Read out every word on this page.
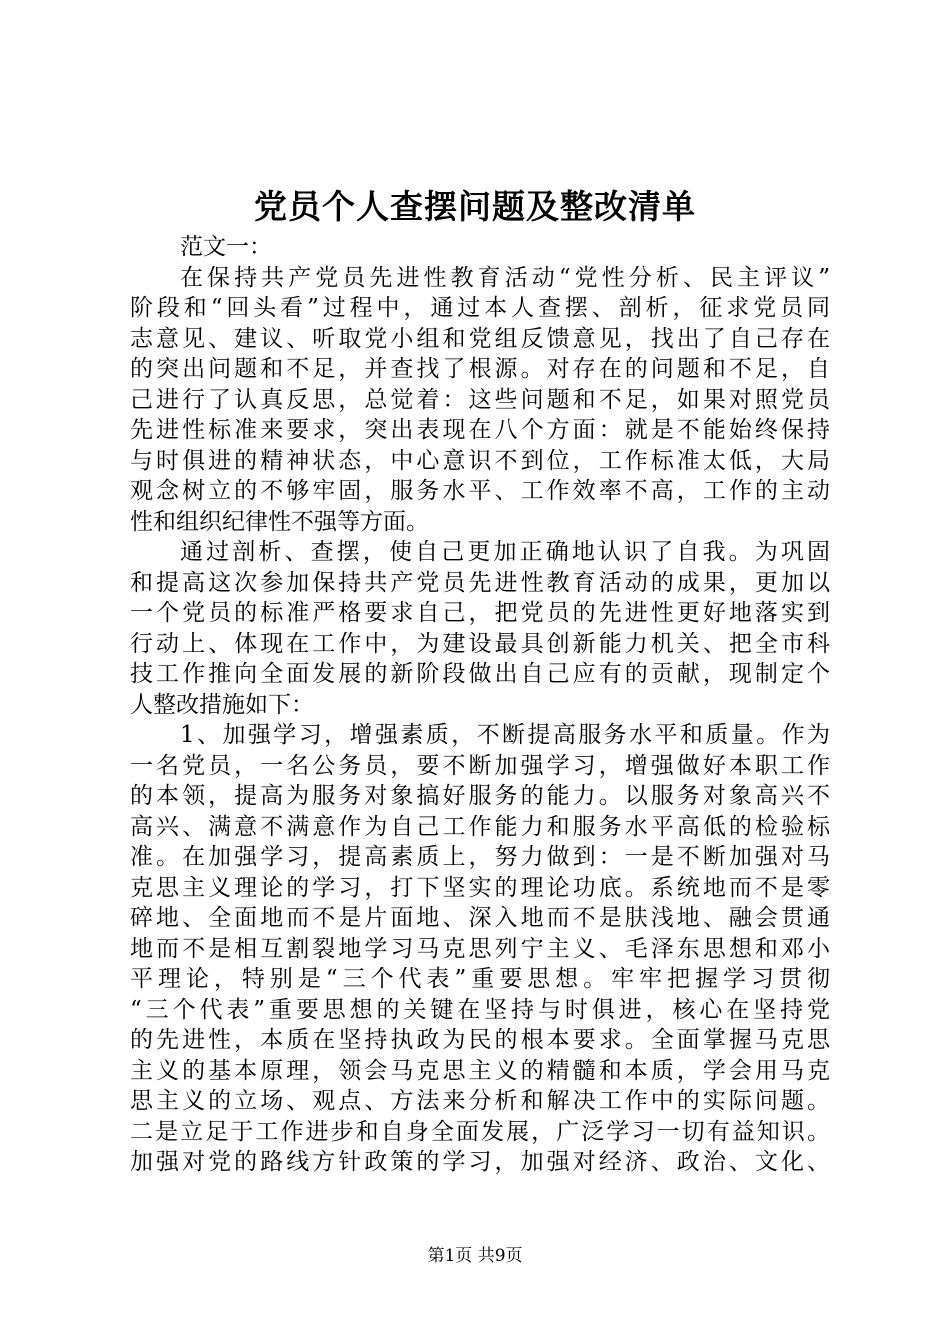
党员个人查摆问题及整改清单
范文一：
在保持共产党员先进性教育活动“党性分析、民主评议”
阶段和“回头看”过程中，通过本人查摆、剖析，征求党员同
志意见、建议、听取党小组和党组反馈意见，找出了自己存在
的突出问题和不足，并查找了根源。对存在的问题和不足，自
己进行了认真反思，总觉着：这些问题和不足，如果对照党员
先进性标准来要求，突出表现在八个方面：就是不能始终保持
与时俱进的精神状态，中心意识不到位，工作标准太低，大局
观念树立的不够牢固，服务水平、工作效率不高，工作的主动
性和组织纪律性不强等方面。
通过剖析、查摆，使自己更加正确地认识了自我。为巩固
和提高这次参加保持共产党员先进性教育活动的成果，更加以
一个党员的标准严格要求自己，把党员的先进性更好地落实到
行动上、体现在工作中，为建设最具创新能力机关、把全市科
技工作推向全面发展的新阶段做出自己应有的贡献，现制定个
人整改措施如下：
1、加强学习，增强素质，不断提高服务水平和质量。作为
一名党员，一名公务员，要不断加强学习，增强做好本职工作
的本领，提高为服务对象搞好服务的能力。以服务对象高兴不
高兴、满意不满意作为自己工作能力和服务水平高低的检验标
准。在加强学习，提高素质上，努力做到：一是不断加强对马
克思主义理论的学习，打下坚实的理论功底。系统地而不是零
碎地、全面地而不是片面地、深入地而不是肤浅地、融会贯通
地而不是相互割裂地学习马克思列宁主义、毛泽东思想和邓小
平理论，特别是“三个代表”重要思想。牢牢把握学习贯彻
“三个代表”重要思想的关键在坚持与时俱进，核心在坚持党
的先进性，本质在坚持执政为民的根本要求。全面掌握马克思
主义的基本原理，领会马克思主义的精髓和本质，学会用马克
思主义的立场、观点、方法来分析和解决工作中的实际问题。
二是立足于工作进步和自身全面发展，广泛学习一切有益知识。
加强对党的路线方针政策的学习，加强对经济、政治、文化、
第1页 共9页
